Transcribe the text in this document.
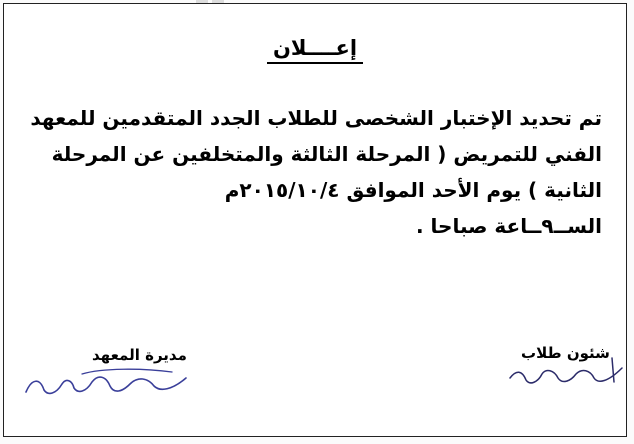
إعــــلان
تم تحديد الإختبار الشخصى للطلاب الجدد المتقدمين للمعهد
الفني للتمريض ( المرحلة الثالثة والمتخلفين عن المرحلة
الثانية ) يوم الأحد الموافق ٢٠١٥/١٠/٤م
الســ٩ــاعة صباحا .
مديرة المعهد	شئون طلاب
